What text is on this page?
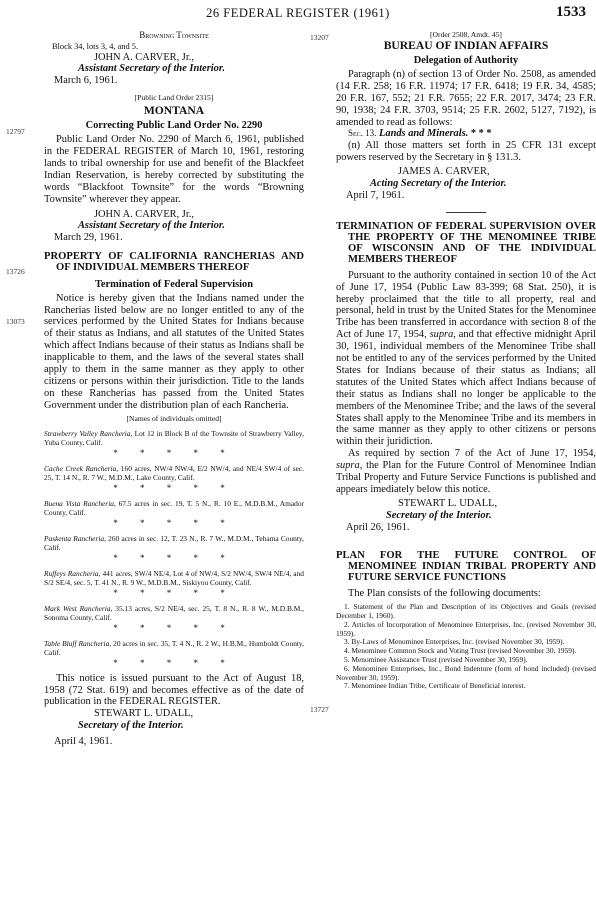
26 FEDERAL REGISTER (1961)	1533
12797
13726
13073
13207
13727

Browning Townsite

Block 34, lots 3, 4, and 5.

JOHN A. CARVER, Jr.,

Assistant Secretary of the Interior.

March 6, 1961.

[Public Land Order 2315]

MONTANA

Correcting Public Land Order No. 2290

Public Land Order No. 2290 of March 6, 1961, published in the FEDERAL REGISTER of March 10, 1961, restoring lands to tribal ownership for use and benefit of the Blackfeet Indian Reservation, is hereby corrected by substituting the words “Blackfoot Townsite” for the words “Browning Townsite” wherever they appear.

JOHN A. CARVER, Jr.,

Assistant Secretary of the Interior.

March 29, 1961.

PROPERTY OF CALIFORNIA RANCHERIAS AND OF INDIVIDUAL MEMBERS THEREOF

Termination of Federal Supervision

Notice is hereby given that the Indians named under the Rancherias listed below are no longer entitled to any of the services performed by the United States for Indians because of their status as Indians, and all statutes of the United States which affect Indians because of their status as Indians shall be inapplicable to them, and the laws of the several states shall apply to them in the same manner as they apply to other citizens or persons within their jurisdiction. Title to the lands on these Rancherias has passed from the United States Government under the distribution plan of each Rancheria.

[Names of individuals omitted]

Strawberry Valley Rancheria, Lot 12 in Block B of the Townsite of Strawberry Valley, Yuba County, Calif.

* * * * *

Cache Creek Rancheria, 160 acres, NW/4 NW/4, E/2 NW/4, and NE/4 SW/4 of sec. 25, T. 14 N., R. 7 W., M.D.M., Lake County, Calif.

* * * * *

Buena Vista Rancheria, 67.5 acres in sec. 19, T. 5 N., R. 10 E., M.D.B.M., Amador County, Calif.

* * * * *

Paskenta Rancheria, 260 acres in sec. 12, T. 23 N., R. 7 W., M.D.M., Tehama County, Calif.

* * * * *

Ruffeys Rancheria, 441 acres, SW/4 NE/4, Lot 4 of NW/4, S/2 NW/4, SW/4 NE/4, and S/2 SE/4, sec. 5, T. 41 N., R. 9 W., M.D.B.M., Siskiyou County, Calif.

* * * * *

Mark West Rancheria, 35.13 acres, S/2 NE/4, sec. 25, T. 8 N., R. 8 W., M.D.B.M., Sonoma County, Calif.

* * * * *

Table Bluff Rancheria, 20 acres in sec. 35, T. 4 N., R. 2 W., H.B.M., Humboldt County, Calif.

* * * * *

This notice is issued pursuant to the Act of August 18, 1958 (72 Stat. 619) and becomes effective as of the date of publication in the FEDERAL REGISTER.

STEWART L. UDALL,

Secretary of the Interior.

April 4, 1961.

[Order 2508, Amdt. 45]

BUREAU OF INDIAN AFFAIRS

Delegation of Authority

Paragraph (n) of section 13 of Order No. 2508, as amended (14 F.R. 258; 16 F.R. 11974; 17 F.R. 6418; 19 F.R. 34, 4585; 20 F.R. 167, 552; 21 F.R. 7655; 22 F.R. 2017, 3474; 23 F.R. 90, 1938; 24 F.R. 3703, 9514; 25 F.R. 2602, 5127, 7192), is amended to read as follows:

Sec. 13. Lands and Minerals. * * *

(n) All those matters set forth in 25 CFR 131 except powers reserved by the Secretary in § 131.3.

JAMES A. CARVER,

Acting Secretary of the Interior.

April 7, 1961.

TERMINATION OF FEDERAL SUPERVISION OVER THE PROPERTY OF THE MENOMINEE TRIBE OF WISCONSIN AND OF THE INDIVIDUAL MEMBERS THEREOF

Pursuant to the authority contained in section 10 of the Act of June 17, 1954 (Public Law 83-399; 68 Stat. 250), it is hereby proclaimed that the title to all property, real and personal, held in trust by the United States for the Menominee Tribe has been transferred in accordance with section 8 of the Act of June 17, 1954, supra, and that effective midnight April 30, 1961, individual members of the Menominee Tribe shall not be entitled to any of the services performed by the United States for Indians because of their status as Indians; all statutes of the United States which affect Indians because of their status as Indians shall no longer be applicable to the members of the Menominee Tribe; and the laws of the several States shall apply to the Menominee Tribe and its members in the same manner as they apply to other citizens or persons within their juridiction.

As required by section 7 of the Act of June 17, 1954, supra, the Plan for the Future Control of Menominee Indian Tribal Property and Future Service Functions is published and appears imediately below this notice.

STEWART L. UDALL,

Secretary of the Interior.

April 26, 1961.

PLAN FOR THE FUTURE CONTROL OF MENOMINEE INDIAN TRIBAL PROPERTY AND FUTURE SERVICE FUNCTIONS

The Plan consists of the following documents:

1. Statement of the Plan and Description of its Objectives and Goals (revised December 1, 1960).

2. Articles of Incorporation of Menominee Enterprises, Inc. (revised November 30, 1959).

3. By-Laws of Menominee Enterprises, Inc. (revised November 30, 1959).

4. Menominee Common Stock and Voting Trust (revised November 30, 1959).

5. Menominee Assistance Trust (revised November 30, 1959).

6. Menominee Enterprises, Inc., Bond Indenture (form of bond included) (revised November 30, 1959).

7. Menominee Indian Tribe, Certificate of Beneficial interest.
